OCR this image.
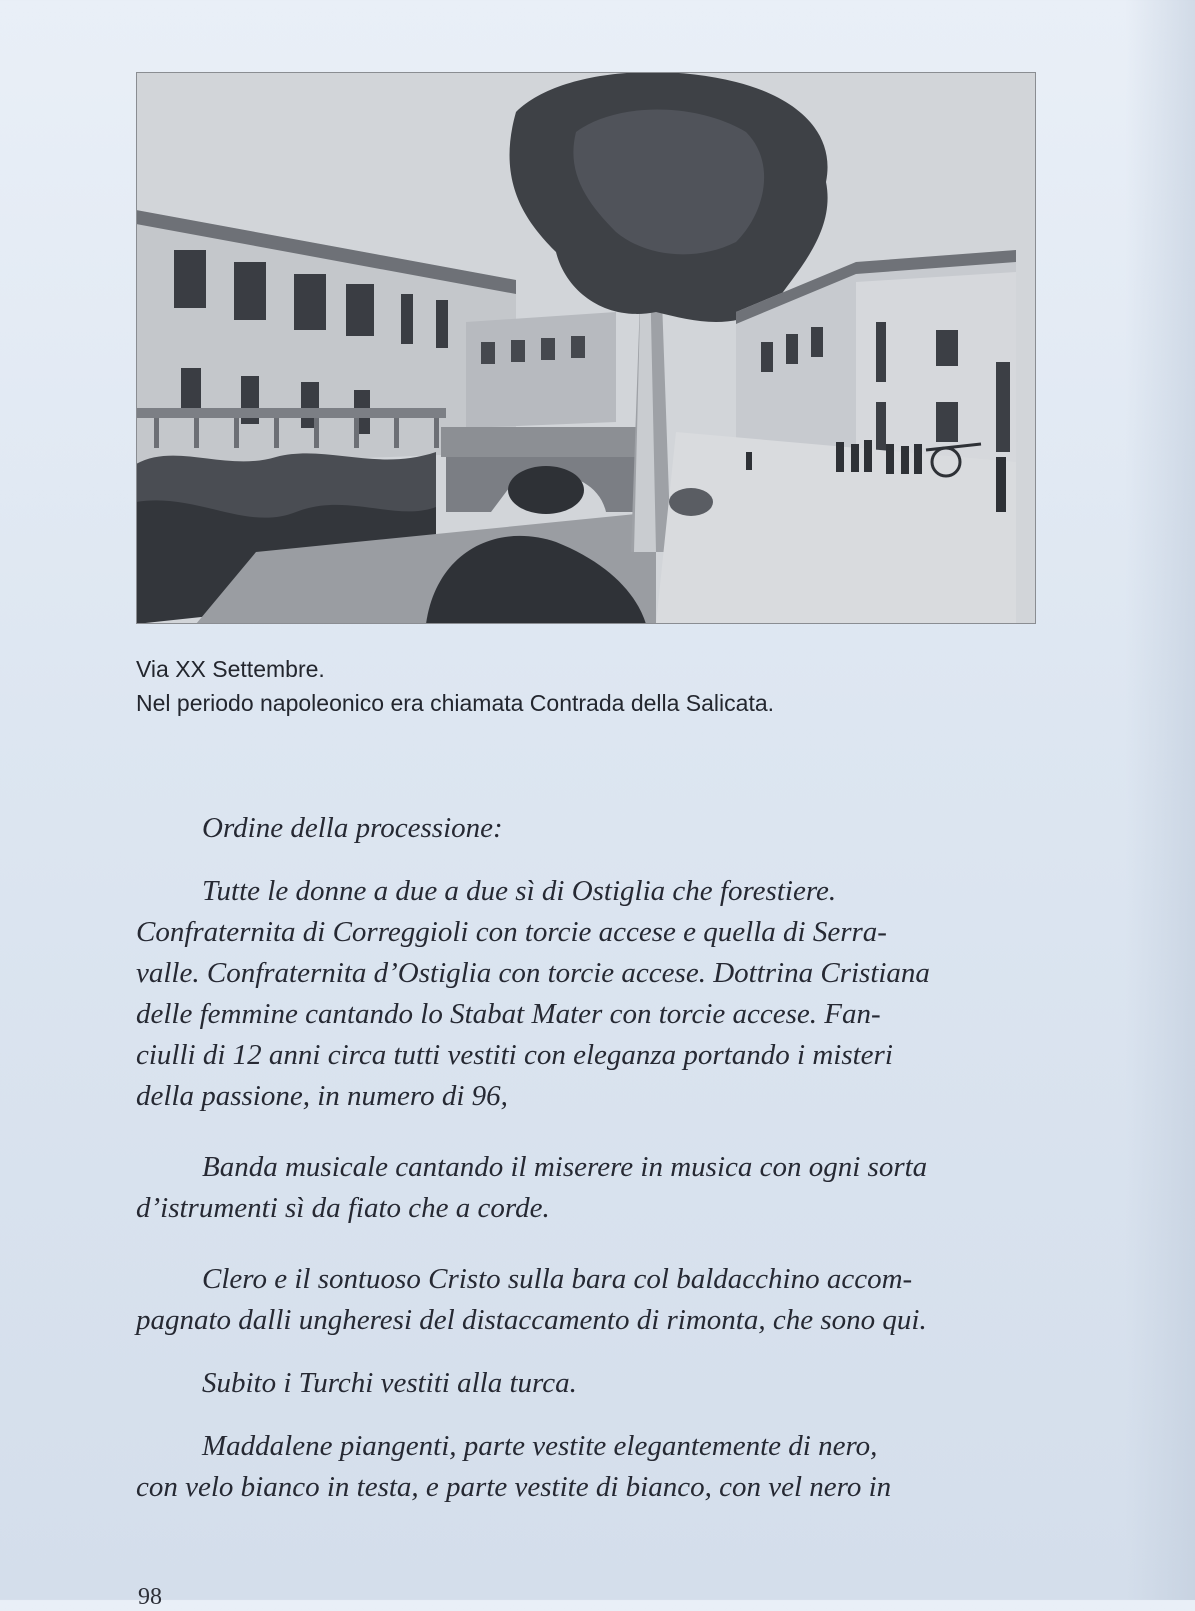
Via XX Settembre.
Nel periodo napoleonico era chiamata Contrada della Salicata.

Ordine della processione:

Tutte le donne a due a due sì di Ostiglia che forestiere.
Confraternita di Correggioli con torcie accese e quella di Serra-
valle. Confraternita d’Ostiglia con torcie accese. Dottrina Cristiana
delle femmine cantando lo Stabat Mater con torcie accese. Fan-
ciulli di 12 anni circa tutti vestiti con eleganza portando i misteri
della passione, in numero di 96,

Banda musicale cantando il miserere in musica con ogni sorta
d’istrumenti sì da fiato che a corde.

Clero e il sontuoso Cristo sulla bara col baldacchino accom-
pagnato dalli ungheresi del distaccamento di rimonta, che sono qui.

Subito i Turchi vestiti alla turca.

Maddalene piangenti, parte vestite elegantemente di nero,
con velo bianco in testa, e parte vestite di bianco, con vel nero in

98
